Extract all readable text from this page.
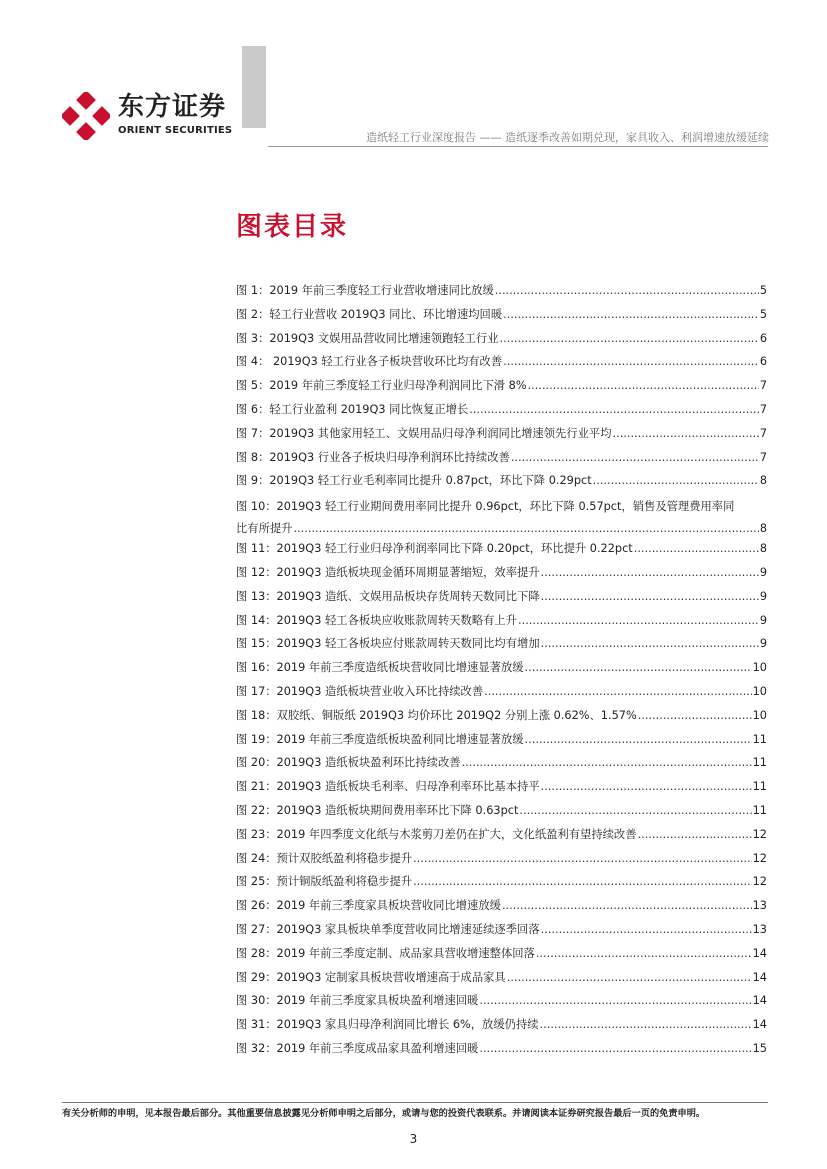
东方证券
ORIENT SECURITIES
造纸轻工行业深度报告 —— 造纸逐季改善如期兑现，家具收入、利润增速放缓延续
图表目录
图 1：2019 年前三季度轻工行业营收增速同比放缓 .....	5
图 2：轻工行业营收 2019Q3 同比、环比增速均回暖 .....	5
图 3：2019Q3 文娱用品营收同比增速领跑轻工行业 .....	6
图 4： 2019Q3 轻工行业各子板块营收环比均有改善 .....	6
图 5：2019 年前三季度轻工行业归母净利润同比下滑 8% .....	7
图 6：轻工行业盈利 2019Q3 同比恢复正增长 .....	7
图 7：2019Q3 其他家用轻工、文娱用品归母净利润同比增速领先行业平均 .....	7
图 8：2019Q3 行业各子板块归母净利润环比持续改善 .....	7
图 9：2019Q3 轻工行业毛利率同比提升 0.87pct，环比下降 0.29pct .....	8
图 10：2019Q3 轻工行业期间费用率同比提升 0.96pct，环比下降 0.57pct，销售及管理费用率同
比有所提升 .....	8
图 11：2019Q3 轻工行业归母净利润率同比下降 0.20pct，环比提升 0.22pct .....	8
图 12：2019Q3 造纸板块现金循环周期显著缩短，效率提升 .....	9
图 13：2019Q3 造纸、文娱用品板块存货周转天数同比下降 .....	9
图 14：2019Q3 轻工各板块应收账款周转天数略有上升 .....	9
图 15：2019Q3 轻工各板块应付账款周转天数同比均有增加 .....	9
图 16：2019 年前三季度造纸板块营收同比增速显著放缓 .....	10
图 17：2019Q3 造纸板块营业收入环比持续改善 .....	10
图 18：双胶纸、铜版纸 2019Q3 均价环比 2019Q2 分别上涨 0.62%、1.57% .....	10
图 19：2019 年前三季度造纸板块盈利同比增速显著放缓 .....	11
图 20：2019Q3 造纸板块盈利环比持续改善 .....	11
图 21：2019Q3 造纸板块毛利率、归母净利率环比基本持平 .....	11
图 22：2019Q3 造纸板块期间费用率环比下降 0.63pct .....	11
图 23：2019 年四季度文化纸与木浆剪刀差仍在扩大，文化纸盈利有望持续改善 .....	12
图 24：预计双胶纸盈利将稳步提升 .....	12
图 25：预计铜版纸盈利将稳步提升 .....	12
图 26：2019 年前三季度家具板块营收同比增速放缓 .....	13
图 27：2019Q3 家具板块单季度营收同比增速延续逐季回落 .....	13
图 28：2019 年前三季度定制、成品家具营收增速整体回落 .....	14
图 29：2019Q3 定制家具板块营收增速高于成品家具 .....	14
图 30：2019 年前三季度家具板块盈利增速回暖 .....	14
图 31：2019Q3 家具归母净利润同比增长 6%，放缓仍持续 .....	14
图 32：2019 年前三季度成品家具盈利增速回暖 .....	15
有关分析师的申明，见本报告最后部分。其他重要信息披露见分析师申明之后部分，或请与您的投资代表联系。并请阅读本证券研究报告最后一页的免责申明。
3
